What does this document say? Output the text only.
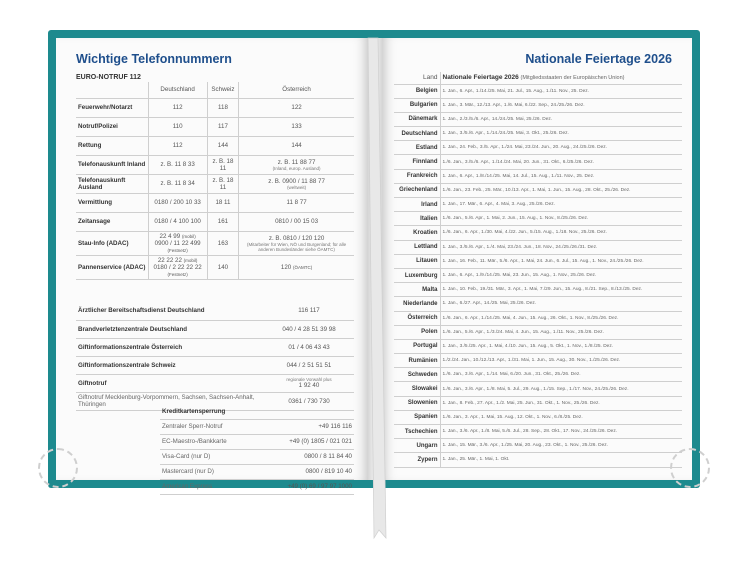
Wichtige Telefonnummern
EURO-NOTRUF 112
	Deutschland	Schweiz	Österreich
Feuerwehr/Notarzt	112	118	122
Notruf/Polizei	110	117	133
Rettung	112	144	144
Telefonauskunft Inland	z. B. 11 8 33	z. B. 18 11	z. B. 11 88 77
(Inland, europ. Ausland)

Telefonauskunft Ausland	z. B. 11 8 34	z. B. 18 11	z. B. 0900 / 11 88 77
(weltweit)

Vermittlung	0180 / 200 10 33	18 11	11 8 77
Zeitansage	0180 / 4 100 100	161	0810 / 00 15 03
Stau-Info (ADAC)	22 4 99 (mobil)
0900 / 11 22 499 (Festnetz)	163	z. B. 0810 / 120 120
(Mitarbeiter für Wien, NÖ und Burgenland; für alle anderen Bundesländer siehe ÖAMTC)

Pannenservice (ADAC)	22 22 22 (mobil)
0180 / 2 22 22 22 (Festnetz)	140	120 (ÖAMTC)
Ärztlicher Bereitschaftsdienst Deutschland	116 117
Brandverletztenzentrale Deutschland	040 / 4 28 51 39 98
Giftinformationszentrale Österreich	01 / 4 06 43 43
Giftinformationszentrale Schweiz	044 / 2 51 51 51
Giftnotruf	regionale Vorwahl plus
1 92 40
Giftnotruf Mecklenburg-Vorpommern, Sachsen, Sachsen-Anhalt, Thüringen	0361 / 730 730
Kreditkartensperrung	
Zentraler Sperr-Notruf	+49 116 116
EC-Maestro-/Bankkarte	+49 (0) 1805 / 021 021
Visa-Card (nur D)	0800 / 8 11 84 40
Mastercard (nur D)	0800 / 819 10 40
American Express	+49 (0) 69 / 97 97 1000
Nationale Feiertage 2026
Land	Nationale Feiertage 2026 (Mitgliedsstaaten der Europäischen Union)
Belgien	1. Jan., 6. Apr., 1./14./25. Mai, 21. Jul., 15. Aug., 1./11. Nov., 25. Dez.
Bulgarien	1. Jan., 3. Mär., 12./13. Apr., 1./6. Mai, 6./22. Sep., 24./25./26. Dez.
Dänemark	1. Jan., 2./3./5./6. Apr., 14./24./25. Mai, 25./26. Dez.
Deutschland	1. Jan., 3./5./6. Apr., 1./14./24./25. Mai, 3. Okt., 25./26. Dez.
Estland	1. Jan., 24. Feb., 3./5. Apr., 1./24. Mai, 23./24. Jun., 20. Aug., 24./25./26. Dez.
Finnland	1./6. Jan., 3./5./6. Apr., 1./14./24. Mai, 20. Jun., 31. Okt., 6./25./26. Dez.
Frankreich	1. Jan., 6. Apr., 1./8./14./25. Mai, 14. Jul., 15. Aug., 1./11. Nov., 25. Dez.
Griechenland	1./6. Jan., 23. Feb., 25. Mär., 10./13. Apr., 1. Mai, 1. Jun., 15. Aug., 28. Okt., 25./26. Dez.
Irland	1. Jan., 17. Mär., 6. Apr., 4. Mai, 3. Aug., 25./26. Dez.
Italien	1./6. Jan., 5./6. Apr., 1. Mai, 2. Jun., 15. Aug., 1. Nov., 8./25./26. Dez.
Kroatien	1./6. Jan., 6. Apr., 1./30. Mai, 4./22. Jun., 5./15. Aug., 1./18. Nov., 25./26. Dez.
Lettland	1. Jan., 3./5./6. Apr., 1./4. Mai, 23./24. Jun., 18. Nov., 24./25./26./31. Dez.
Litauen	1. Jan., 16. Feb., 11. Mär., 5./6. Apr., 1. Mai, 24. Jun., 6. Jul., 15. Aug., 1. Nov., 24./25./26. Dez.
Luxemburg	1. Jan., 6. Apr., 1./9./14./25. Mai, 23. Jun., 15. Aug., 1. Nov., 25./26. Dez.
Malta	1. Jan., 10. Feb., 19./31. Mär., 3. Apr., 1. Mai, 7./29. Jun., 15. Aug., 8./21. Sep., 8./13./25. Dez.
Niederlande	1. Jan., 6./27. Apr., 14./25. Mai, 25./26. Dez.
Österreich	1./6. Jan., 6. Apr., 1./14./25. Mai, 4. Jun., 15. Aug., 26. Okt., 1. Nov., 8./25./26. Dez.
Polen	1./6. Jan., 5./6. Apr., 1./3./24. Mai, 4. Jun., 15. Aug., 1./11. Nov., 25./26. Dez.
Portugal	1. Jan., 3./5./25. Apr., 1. Mai, 4./10. Jun., 15. Aug., 5. Okt., 1. Nov., 1./8./25. Dez.
Rumänien	1./2./24. Jan., 10./12./13. Apr., 1./31. Mai, 1. Jun., 15. Aug., 30. Nov., 1./25./26. Dez.
Schweden	1./6. Jan., 3./6. Apr., 1./14. Mai, 6./20. Jun., 31. Okt., 25./26. Dez.
Slowakei	1./6. Jan., 3./6. Apr., 1./8. Mai, 5. Jul., 29. Aug., 1./15. Sep., 1./17. Nov., 24./25./26. Dez.
Slowenien	1. Jan., 8. Feb., 27. Apr., 1./2. Mai, 25. Jun., 31. Okt., 1. Nov., 25./26. Dez.
Spanien	1./6. Jan., 3. Apr., 1. Mai, 15. Aug., 12. Okt., 1. Nov., 6./8./25. Dez.
Tschechien	1. Jan., 3./6. Apr., 1./8. Mai, 5./6. Jul., 28. Sep., 28. Okt., 17. Nov., 24./25./26. Dez.
Ungarn	1. Jan., 15. Mär., 3./6. Apr., 1./25. Mai, 20. Aug., 23. Okt., 1. Nov., 25./26. Dez.
Zypern	1. Jan., 25. Mär., 1. Mai, 1. Okt.
